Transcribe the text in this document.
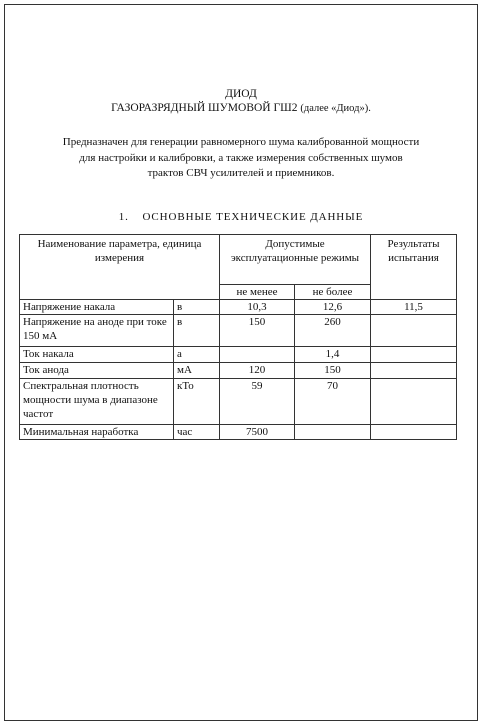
ДИОД
ГАЗОРАЗРЯДНЫЙ ШУМОВОЙ ГШ2 (далее «Диод»).
Предназначен для генерации равномерного шума калиброванной мощности
для настройки и калибровки, а также измерения собственных шумов
трактов СВЧ усилителей и приемников.
1. ОСНОВНЫЕ ТЕХНИЧЕСКИЕ ДАННЫЕ
Наименование параметра, единица измерения		Допустимые эксплуатационные режимы		Результаты испытания
		не менее	не более	
Напряжение накала	в	10,3	12,6	11,5
Напряжение на аноде при токе 150 мА	в	150	260	
Ток накала	а		1,4	
Ток анода	мА	120	150	
Спектральная плотность мощности шума в диапазоне частот	кТо	59	70	
Минимальная наработка	час	7500		
